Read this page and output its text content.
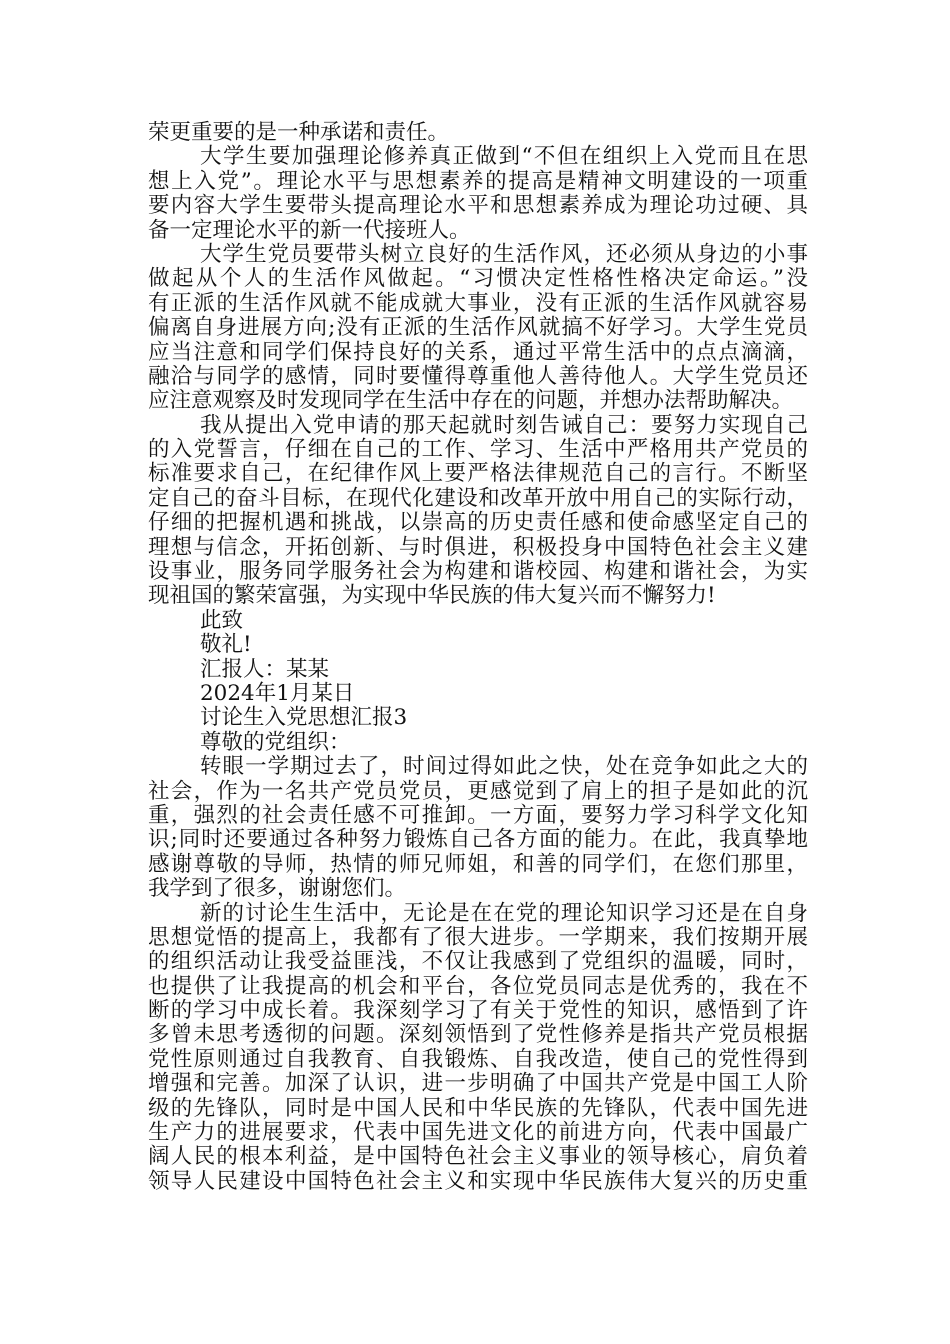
荣更重要的是一种承诺和责任。
大学生要加强理论修养真正做到“不但在组织上入党而且在思
想上入党”。理论水平与思想素养的提高是精神文明建设的一项重
要内容大学生要带头提高理论水平和思想素养成为理论功过硬、具
备一定理论水平的新一代接班人。
大学生党员要带头树立良好的生活作风，还必须从身边的小事
做起从个人的生活作风做起。“习惯决定性格性格决定命运。”没
有正派的生活作风就不能成就大事业，没有正派的生活作风就容易
偏离自身进展方向;没有正派的生活作风就搞不好学习。大学生党员
应当注意和同学们保持良好的关系，通过平常生活中的点点滴滴，
融洽与同学的感情，同时要懂得尊重他人善待他人。大学生党员还
应注意观察及时发现同学在生活中存在的问题，并想办法帮助解决。
我从提出入党申请的那天起就时刻告诫自己：要努力实现自己
的入党誓言，仔细在自己的工作、学习、生活中严格用共产党员的
标准要求自己，在纪律作风上要严格法律规范自己的言行。不断坚
定自己的奋斗目标，在现代化建设和改革开放中用自己的实际行动，
仔细的把握机遇和挑战，以崇高的历史责任感和使命感坚定自己的
理想与信念，开拓创新、与时俱进，积极投身中国特色社会主义建
设事业，服务同学服务社会为构建和谐校园、构建和谐社会，为实
现祖国的繁荣富强，为实现中华民族的伟大复兴而不懈努力!
此致
敬礼!
汇报人：某某
2024年1月某日
讨论生入党思想汇报3
尊敬的党组织：
转眼一学期过去了，时间过得如此之快，处在竞争如此之大的
社会，作为一名共产党员党员，更感觉到了肩上的担子是如此的沉
重，强烈的社会责任感不可推卸。一方面，要努力学习科学文化知
识;同时还要通过各种努力锻炼自己各方面的能力。在此，我真挚地
感谢尊敬的导师，热情的师兄师姐，和善的同学们，在您们那里，
我学到了很多，谢谢您们。
新的讨论生生活中，无论是在在党的理论知识学习还是在自身
思想觉悟的提高上，我都有了很大进步。一学期来，我们按期开展
的组织活动让我受益匪浅，不仅让我感到了党组织的温暖，同时，
也提供了让我提高的机会和平台，各位党员同志是优秀的，我在不
断的学习中成长着。我深刻学习了有关于党性的知识，感悟到了许
多曾未思考透彻的问题。深刻领悟到了党性修养是指共产党员根据
党性原则通过自我教育、自我锻炼、自我改造，使自己的党性得到
增强和完善。加深了认识，进一步明确了中国共产党是中国工人阶
级的先锋队，同时是中国人民和中华民族的先锋队，代表中国先进
生产力的进展要求，代表中国先进文化的前进方向，代表中国最广
阔人民的根本利益，是中国特色社会主义事业的领导核心，肩负着
领导人民建设中国特色社会主义和实现中华民族伟大复兴的历史重
